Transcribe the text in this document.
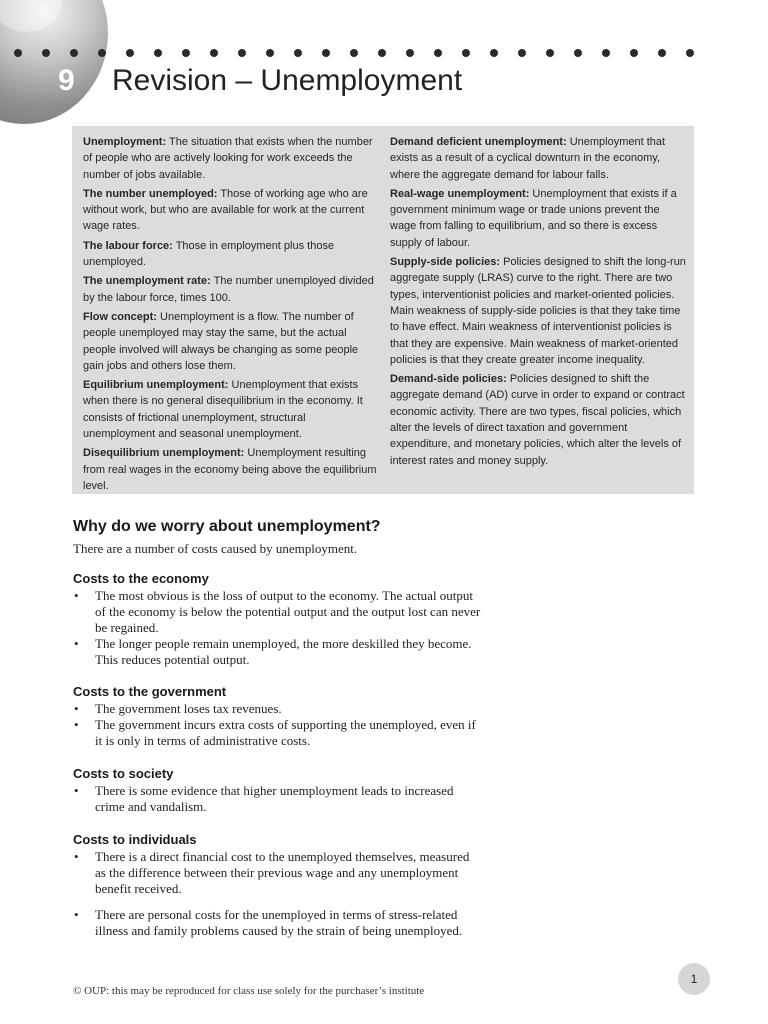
9 Revision – Unemployment

Unemployment: The situation that exists when the number of people who are actively looking for work exceeds the number of jobs available.

The number unemployed: Those of working age who are without work, but who are available for work at the current wage rates.

The labour force: Those in employment plus those unemployed.

The unemployment rate: The number unemployed divided by the labour force, times 100.

Flow concept: Unemployment is a flow. The number of people unemployed may stay the same, but the actual people involved will always be changing as some people gain jobs and others lose them.

Equilibrium unemployment: Unemployment that exists when there is no general disequilibrium in the economy. It consists of frictional unemployment, structural unemployment and seasonal unemployment.

Disequilibrium unemployment: Unemployment resulting from real wages in the economy being above the equilibrium level.

Demand deficient unemployment: Unemployment that exists as a result of a cyclical downturn in the economy, where the aggregate demand for labour falls.

Real-wage unemployment: Unemployment that exists if a government minimum wage or trade unions prevent the wage from falling to equilibrium, and so there is excess supply of labour.

Supply-side policies: Policies designed to shift the long-run aggregate supply (LRAS) curve to the right. There are two types, interventionist policies and market-oriented policies. Main weakness of supply-side policies is that they take time to have effect. Main weakness of interventionist policies is that they are expensive. Main weakness of market-oriented policies is that they create greater income inequality.

Demand-side policies: Policies designed to shift the aggregate demand (AD) curve in order to expand or contract economic activity. There are two types, fiscal policies, which alter the levels of direct taxation and government expenditure, and monetary policies, which alter the levels of interest rates and money supply.

Why do we worry about unemployment?

There are a number of costs caused by unemployment.

Costs to the economy
• The most obvious is the loss of output to the economy. The actual output of the economy is below the potential output and the output lost can never be regained.
• The longer people remain unemployed, the more deskilled they become. This reduces potential output.
Costs to the government
• The government loses tax revenues.
• The government incurs extra costs of supporting the unemployed, even if it is only in terms of administrative costs.
Costs to society
• There is some evidence that higher unemployment leads to increased crime and vandalism.
Costs to individuals
• There is a direct financial cost to the unemployed themselves, measured as the difference between their previous wage and any unemployment benefit received.
• There are personal costs for the unemployed in terms of stress-related illness and family problems caused by the strain of being unemployed.
© OUP: this may be reproduced for class use solely for the purchaser’s institute
1
